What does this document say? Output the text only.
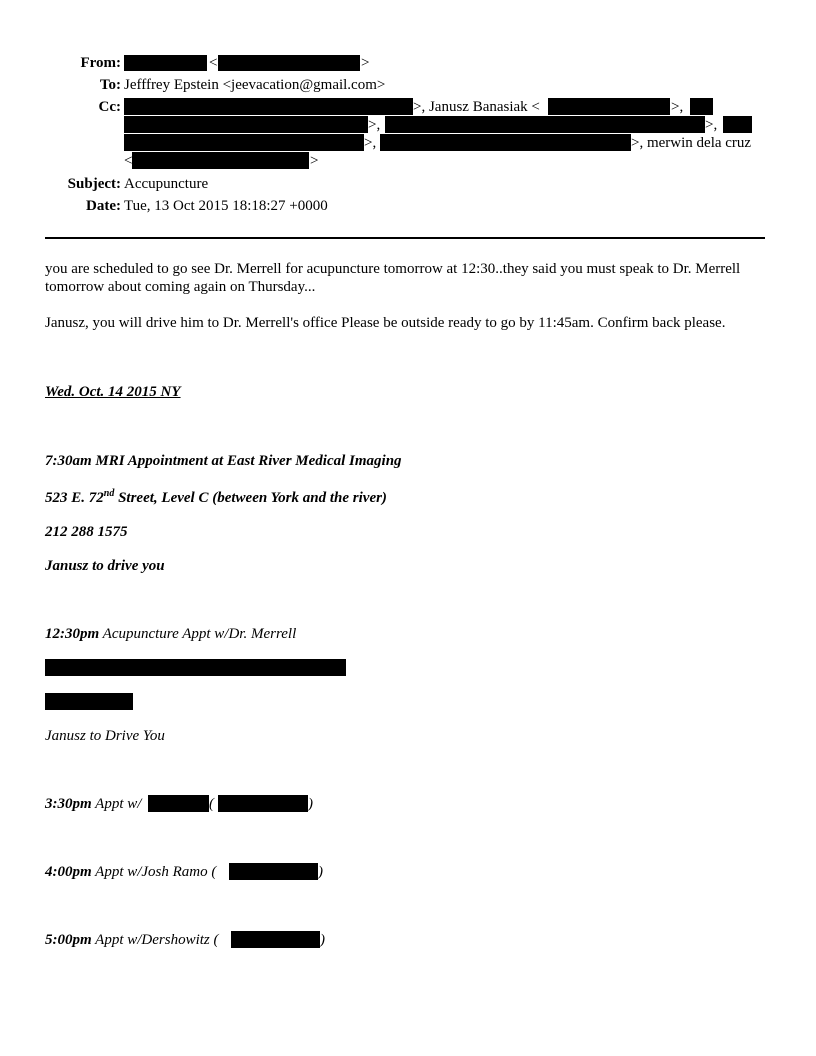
From:	<	>
To: Jefffrey Epstein <jeevacation@gmail.com>
Cc:	>, Janusz Banasiak <	>,
>,	>,
>,	>, merwin dela cruz
<	>
Subject: Accupuncture
Date: Tue, 13 Oct 2015 18:18:27 +0000
you are scheduled to go see Dr. Merrell for acupuncture tomorrow at 12:30..they said you must speak to Dr. Merrell tomorrow about coming again on Thursday...
Janusz, you will drive him to Dr. Merrell's office Please be outside ready to go by 11:45am. Confirm back please.
Wed. Oct. 14 2015 NY
7:30am MRI Appointment at East River Medical Imaging
523 E. 72nd Street, Level C (between York and the river)
212 288 1575
Janusz to drive you
12:30pm Acupuncture Appt w/Dr. Merrell
Janusz to Drive You
3:30pm Appt w/	(	)
4:00pm Appt w/Josh Ramo (	)
5:00pm Appt w/Dershowitz (	)
